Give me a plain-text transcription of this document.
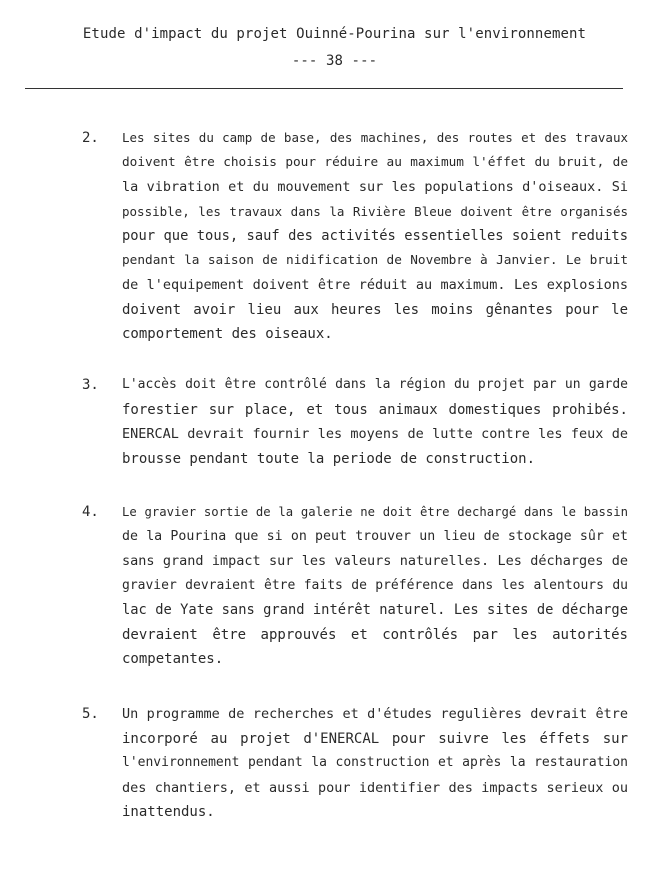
Etude d'impact du projet Ouinné-Pourina sur l'environnement
--- 38 ---
2. Les sites du camp de base, des machines, des routes et des travaux
doivent être choisis pour réduire au maximum l'éffet du bruit, de
la vibration et du mouvement sur les populations d'oiseaux. Si
possible, les travaux dans la Rivière Bleue doivent être organisés
pour que tous, sauf des activités essentielles soient reduits
pendant la saison de nidification de Novembre à Janvier. Le bruit
de l'equipement doivent être réduit au maximum. Les explosions
doivent avoir lieu aux heures les moins gênantes pour le
comportement des oiseaux.
3. L'accès doit être contrôlé dans la région du projet par un garde
forestier sur place, et tous animaux domestiques prohibés.
ENERCAL devrait fournir les moyens de lutte contre les feux de
brousse pendant toute la periode de construction.
4. Le gravier sortie de la galerie ne doit être dechargé dans le bassin
de la Pourina que si on peut trouver un lieu de stockage sûr et
sans grand impact sur les valeurs naturelles. Les décharges de
gravier devraient être faits de préférence dans les alentours du
lac de Yate sans grand intérêt naturel. Les sites de décharge
devraient être approuvés et contrôlés par les autorités
competantes.
5. Un programme de recherches et d'études regulières devrait être
incorporé au projet d'ENERCAL pour suivre les éffets sur
l'environnement pendant la construction et après la restauration
des chantiers, et aussi pour identifier des impacts serieux ou
inattendus.
